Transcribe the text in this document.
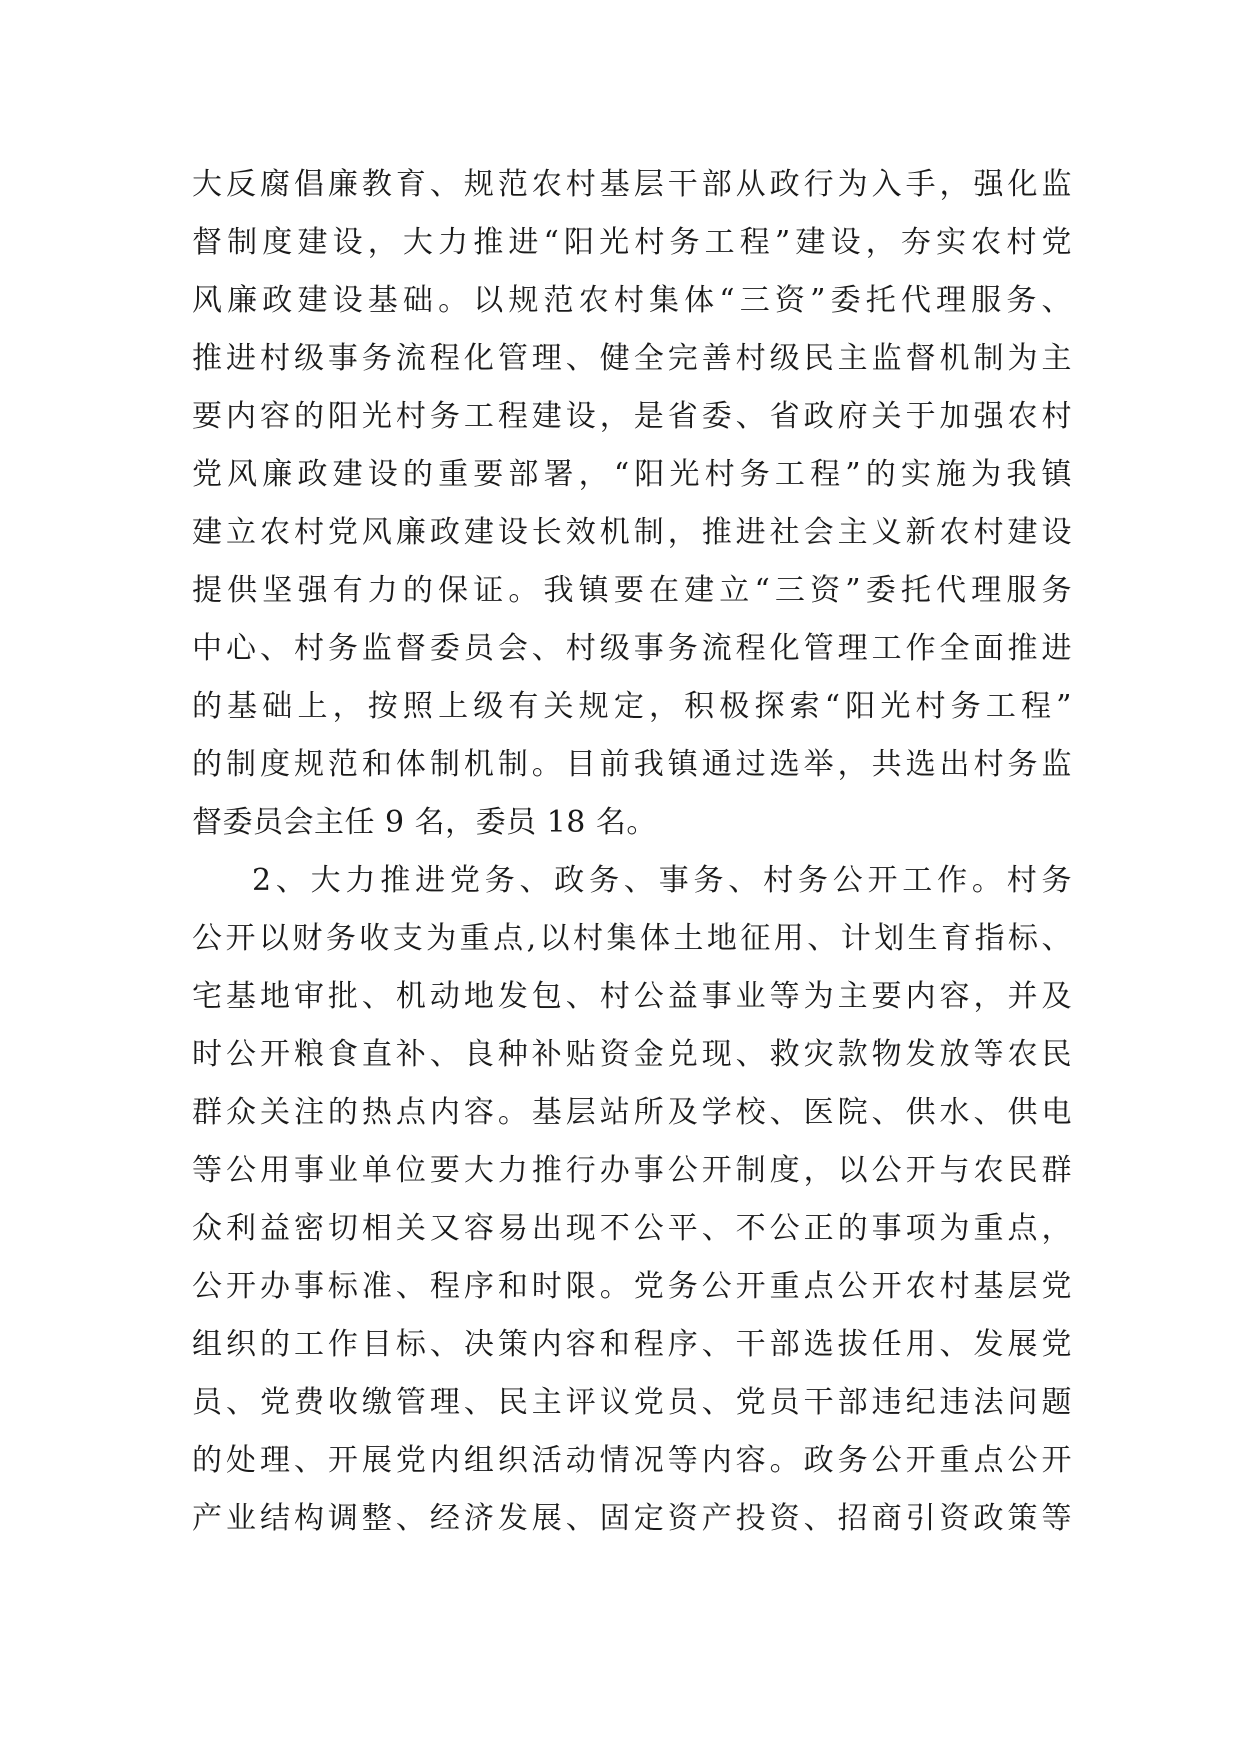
大反腐倡廉教育、规范农村基层干部从政行为入手，强化监
督制度建设，大力推进“阳光村务工程”建设，夯实农村党
风廉政建设基础。以规范农村集体“三资”委托代理服务、
推进村级事务流程化管理、健全完善村级民主监督机制为主
要内容的阳光村务工程建设，是省委、省政府关于加强农村
党风廉政建设的重要部署，“阳光村务工程”的实施为我镇
建立农村党风廉政建设长效机制，推进社会主义新农村建设
提供坚强有力的保证。我镇要在建立“三资”委托代理服务
中心、村务监督委员会、村级事务流程化管理工作全面推进
的基础上，按照上级有关规定，积极探索“阳光村务工程”
的制度规范和体制机制。目前我镇通过选举，共选出村务监
督委员会主任 9 名，委员 18 名。
2、大力推进党务、政务、事务、村务公开工作。村务
公开以财务收支为重点,以村集体土地征用、计划生育指标、
宅基地审批、机动地发包、村公益事业等为主要内容，并及
时公开粮食直补、良种补贴资金兑现、救灾款物发放等农民
群众关注的热点内容。基层站所及学校、医院、供水、供电
等公用事业单位要大力推行办事公开制度，以公开与农民群
众利益密切相关又容易出现不公平、不公正的事项为重点，
公开办事标准、程序和时限。党务公开重点公开农村基层党
组织的工作目标、决策内容和程序、干部选拔任用、发展党
员、党费收缴管理、民主评议党员、党员干部违纪违法问题
的处理、开展党内组织活动情况等内容。政务公开重点公开
产业结构调整、经济发展、固定资产投资、招商引资政策等
